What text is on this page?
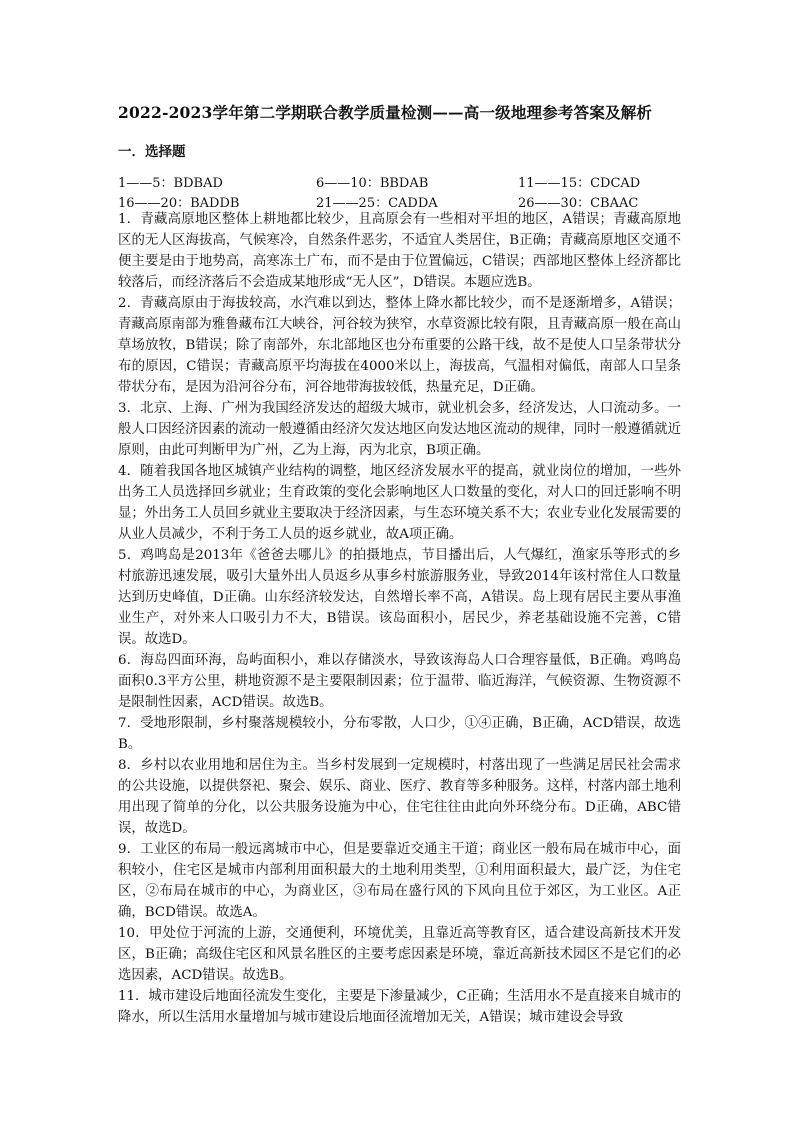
2022-2023学年第二学期联合教学质量检测——高一级地理参考答案及解析
一．选择题
1——5：BDBAD	6——10：BBDAB	11——15：CDCAD
16——20：BADDB	21——25：CADDA	26——30：CBAAC

1．青藏高原地区整体上耕地都比较少，且高原会有一些相对平坦的地区，A错误；青藏高原地区的无人区海拔高，气候寒冷，自然条件恶劣，不适宜人类居住，B正确；青藏高原地区交通不便主要是由于地势高，高寒冻土广布，而不是由于位置偏远，C错误；西部地区整体上经济都比较落后，而经济落后不会造成某地形成“无人区”，D错误。本题应选B。

2．青藏高原由于海拔较高，水汽难以到达，整体上降水都比较少，而不是逐渐增多，A错误；青藏高原南部为雅鲁藏布江大峡谷，河谷较为狭窄，水草资源比较有限，且青藏高原一般在高山草场放牧，B错误；除了南部外，东北部地区也分布重要的公路干线，故不是使人口呈条带状分布的原因，C错误；青藏高原平均海拔在4000米以上，海拔高，气温相对偏低，南部人口呈条带状分布，是因为沿河谷分布，河谷地带海拔较低，热量充足，D正确。

3．北京、上海、广州为我国经济发达的超级大城市，就业机会多，经济发达，人口流动多。一般人口因经济因素的流动一般遵循由经济欠发达地区向发达地区流动的规律，同时一般遵循就近原则，由此可判断甲为广州，乙为上海，丙为北京，B项正确。

4．随着我国各地区城镇产业结构的调整，地区经济发展水平的提高，就业岗位的增加，一些外出务工人员选择回乡就业；生育政策的变化会影响地区人口数量的变化，对人口的回迁影响不明显；外出务工人员回乡就业主要取决于经济因素，与生态环境关系不大；农业专业化发展需要的从业人员减少，不利于务工人员的返乡就业，故A项正确。

5．鸡鸣岛是2013年《爸爸去哪儿》的拍摄地点，节目播出后，人气爆红，渔家乐等形式的乡村旅游迅速发展，吸引大量外出人员返乡从事乡村旅游服务业，导致2014年该村常住人口数量达到历史峰值，D正确。山东经济较发达，自然增长率不高，A错误。岛上现有居民主要从事渔业生产，对外来人口吸引力不大，B错误。该岛面积小，居民少，养老基础设施不完善，C错误。故选D。

6．海岛四面环海，岛屿面积小，难以存储淡水，导致该海岛人口合理容量低，B正确。鸡鸣岛面积0.3平方公里，耕地资源不是主要限制因素；位于温带、临近海洋，气候资源、生物资源不是限制性因素，ACD错误。故选B。

7．受地形限制，乡村聚落规模较小，分布零散，人口少，①④正确，B正确，ACD错误，故选B。

8．乡村以农业用地和居住为主。当乡村发展到一定规模时，村落出现了一些满足居民社会需求的公共设施，以提供祭祀、聚会、娱乐、商业、医疗、教育等多种服务。这样，村落内部土地利用出现了简单的分化，以公共服务设施为中心，住宅往往由此向外环绕分布。D正确，ABC错误，故选D。

9．工业区的布局一般远离城市中心，但是要靠近交通主干道；商业区一般布局在城市中心，面积较小，住宅区是城市内部利用面积最大的土地利用类型，①利用面积最大，最广泛，为住宅区，②布局在城市的中心，为商业区，③布局在盛行风的下风向且位于郊区，为工业区。A正确，BCD错误。故选A。

10．甲处位于河流的上游，交通便利，环境优美，且靠近高等教育区，适合建设高新技术开发区，B正确；高级住宅区和风景名胜区的主要考虑因素是环境，靠近高新技术园区不是它们的必选因素，ACD错误。故选B。

11．城市建设后地面径流发生变化，主要是下渗量减少，C正确；生活用水不是直接来自城市的降水，所以生活用水量增加与城市建设后地面径流增加无关，A错误；城市建设会导致
